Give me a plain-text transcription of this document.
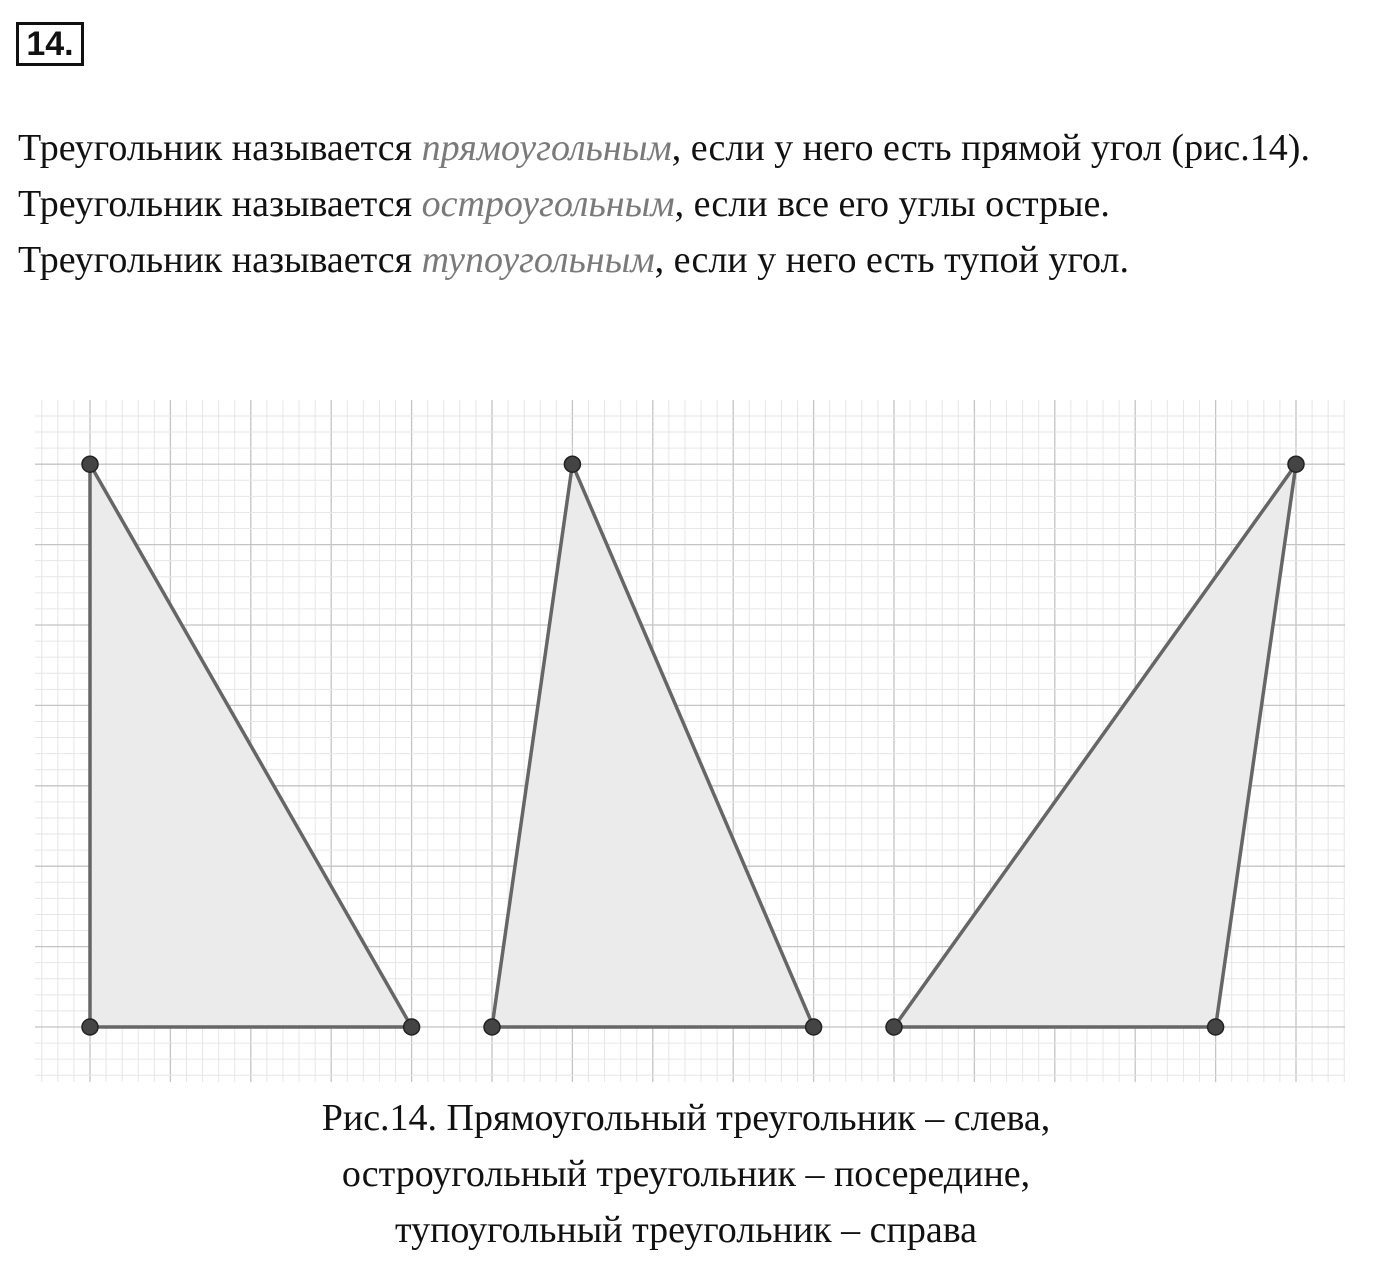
14.

Треугольник называется прямоугольным, если у него есть прямой угол (рис.14).

Треугольник называется остроугольным, если все его углы острые.

Треугольник называется тупоугольным, если у него есть тупой угол.

Рис.14. Прямоугольный треугольник – слева,
остроугольный треугольник – посередине,
тупоугольный треугольник – справа
